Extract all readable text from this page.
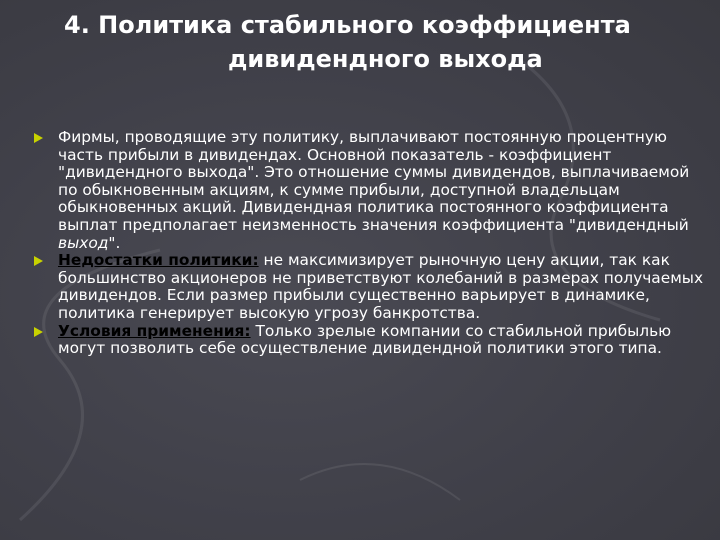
4. Политика стабильного коэффициента
дивидендного выхода
Фирмы, проводящие эту политику, выплачивают постоянную процентную часть прибыли в дивидендах. Основной показатель - коэффициент "дивидендного выхода". Это отношение суммы дивидендов, выплачиваемой по обыкновенным акциям, к сумме прибыли, доступной владельцам обыкновенных акций. Дивидендная политика постоянного коэффициента выплат предполагает неизменность значения коэффициента "дивидендный выход".
Недостатки политики: не максимизирует рыночную цену акции, так как большинство акционеров не приветствуют колебаний в размерах получаемых дивидендов. Если размер прибыли существенно варьирует в динамике, политика генерирует высокую угрозу банкротства.
Условия применения: Только зрелые компании со стабильной прибылью могут позволить себе осуществление дивидендной политики этого типа.
